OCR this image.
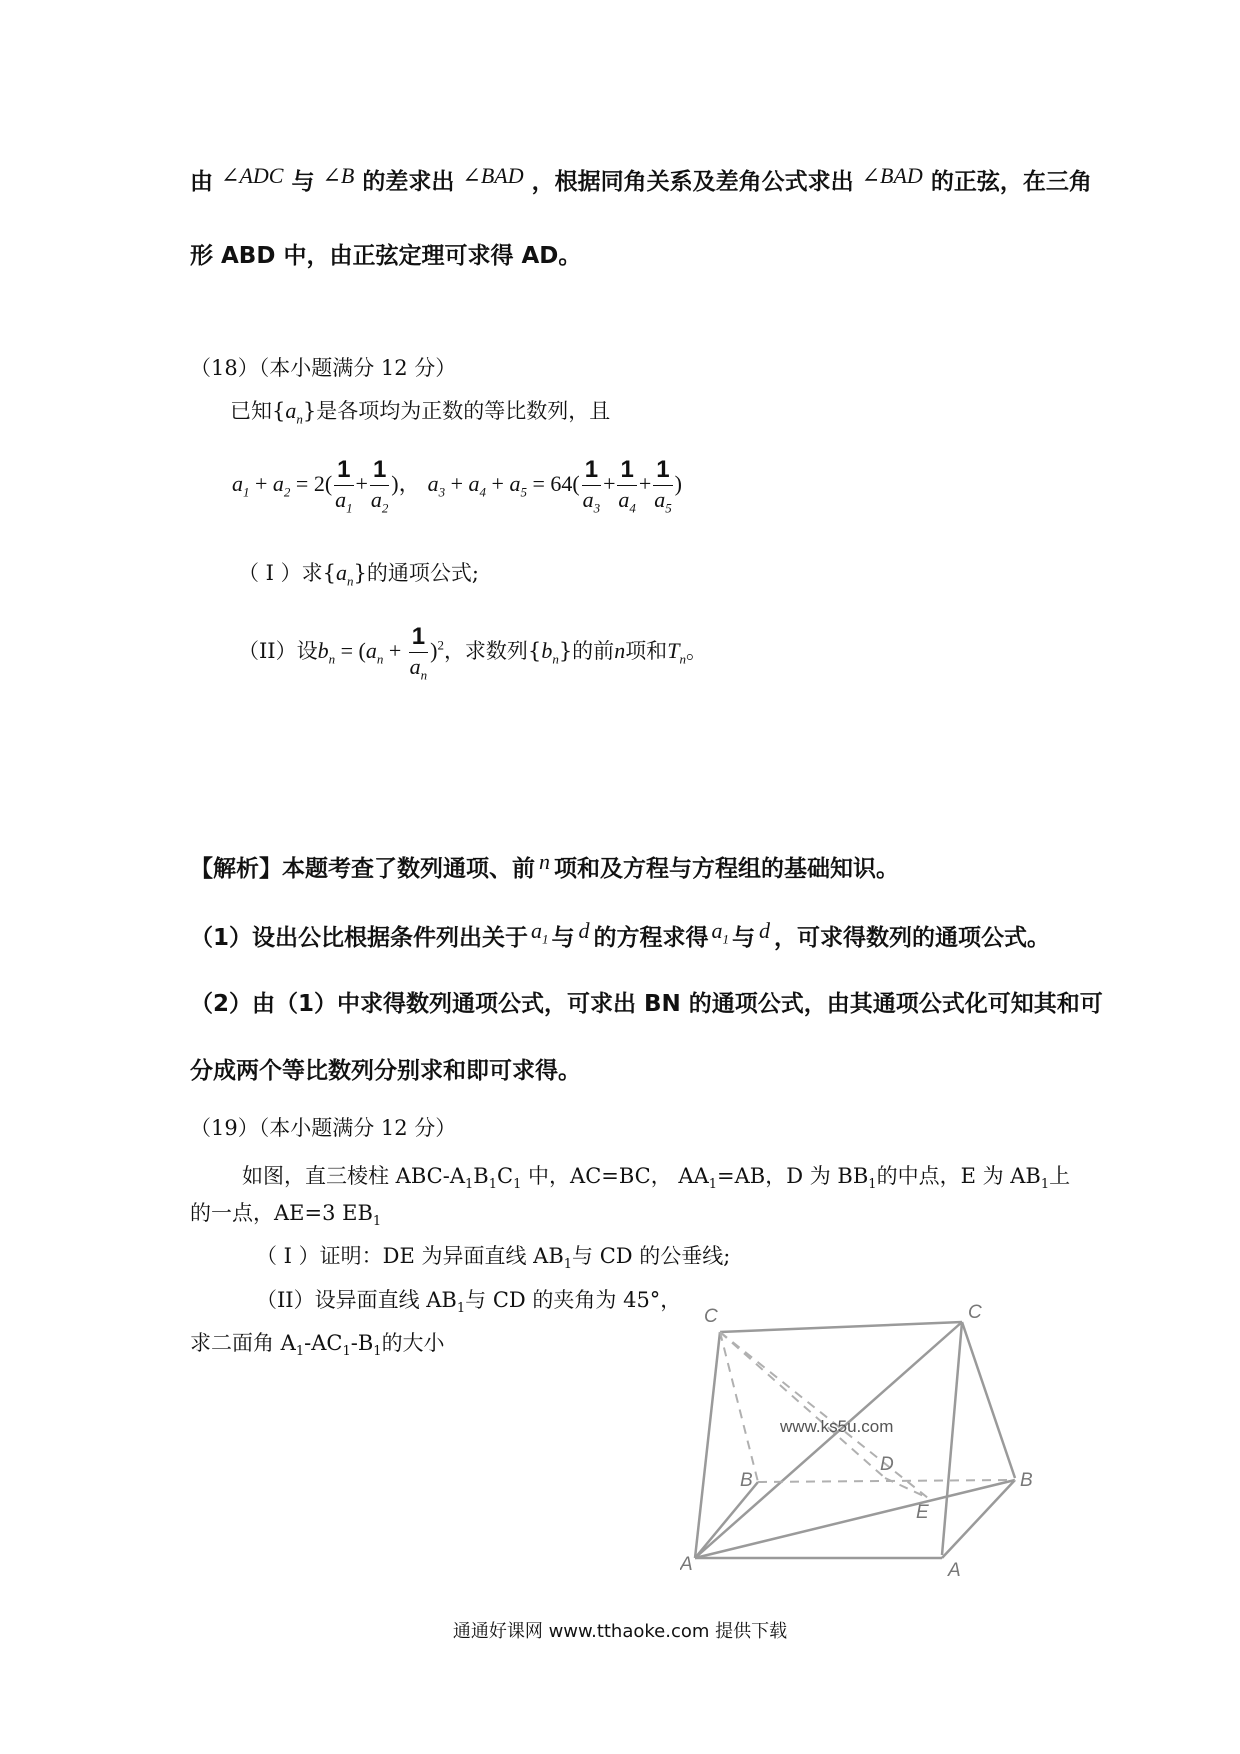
由 ∠ADC 与 ∠B 的差求出 ∠BAD ，根据同角关系及差角公式求出 ∠BAD 的正弦，在三角
形 ABD 中，由正弦定理可求得 AD。
（18）（本小题满分 12 分）
已知$\{a_n\}$是各项均为正数的等比数列，且
$a_1 + a_2 = 2( \frac{1}{a_1} + \frac{1}{a_2}$ )， $a_3 + a_4 + a_5 = 64( \frac{1}{a_3} + \frac{1}{a_4} + \frac{1}{a_5}$ )
（ I ）求$\{a_n\}$的通项公式;
（II）设$b_n = (a_n + \frac{1}{a_n} )^2$，求数列$\{b_n\}$的前n项和$T_n$。
【解析】本题考查了数列通项、前 n 项和及方程与方程组的基础知识。
（1）设出公比根据条件列出关于 $a_1$ 与 d 的方程求得 $a_1$ 与 d ，可求得数列的通项公式。
（2）由（1）中求得数列通项公式，可求出 BN 的通项公式，由其通项公式化可知其和可
分成两个等比数列分别求和即可求得。
（19）（本小题满分 12 分）
如图，直三棱柱 ABC-$A_1B_1C_1$ 中，AC=BC， $AA_1=AB$，D 为 $BB_1$的中点，E 为 $AB_1$上
的一点，AE=3 $EB_1$
（ I ）证明：DE 为异面直线 $AB_1$与 CD 的公垂线;
（II）设异面直线 $AB_1$与 CD 的夹角为 45°，
求二面角 $A_1-AC_1-B_1$的大小
www.ks5u.com
C	C
B
D
B
E
A	A
通通好课网 www.tthaoke.com 提供下载
